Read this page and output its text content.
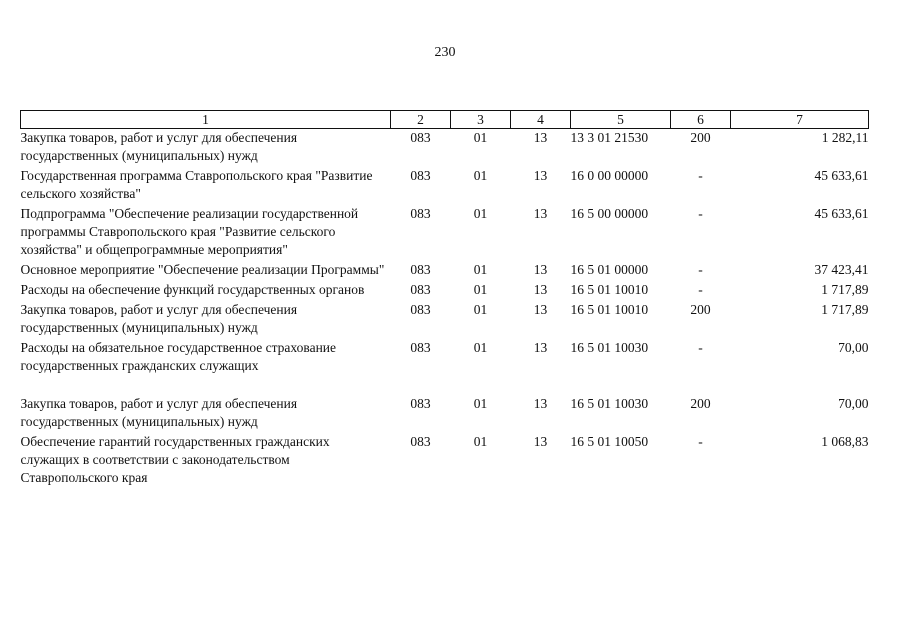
230
1	2	3	4	5	6	7
Закупка товаров, работ и услуг для обеспечения государственных (муниципальных) нужд	083	01	13	13 3 01 21530	200	1 282,11
Государственная программа Ставропольского края "Развитие сельского хозяйства"	083	01	13	16 0 00 00000	-	45 633,61
Подпрограмма "Обеспечение реализации государственной программы Ставропольского края "Развитие сельского хозяйства" и общепрограммные мероприятия"	083	01	13	16 5 00 00000	-	45 633,61
Основное мероприятие "Обеспечение реализации Программы"	083	01	13	16 5 01 00000	-	37 423,41
Расходы на обеспечение функций государственных органов	083	01	13	16 5 01 10010	-	1 717,89
Закупка товаров, работ и услуг для обеспечения государственных (муниципальных) нужд	083	01	13	16 5 01 10010	200	1 717,89
Расходы на обязательное государственное страхование государственных гражданских служащих	083	01	13	16 5 01 10030	-	70,00

Закупка товаров, работ и услуг для обеспечения государственных (муниципальных) нужд	083	01	13	16 5 01 10030	200	70,00
Обеспечение гарантий государственных гражданских служащих в соответствии с законодательством Ставропольского края	083	01	13	16 5 01 10050	-	1 068,83
